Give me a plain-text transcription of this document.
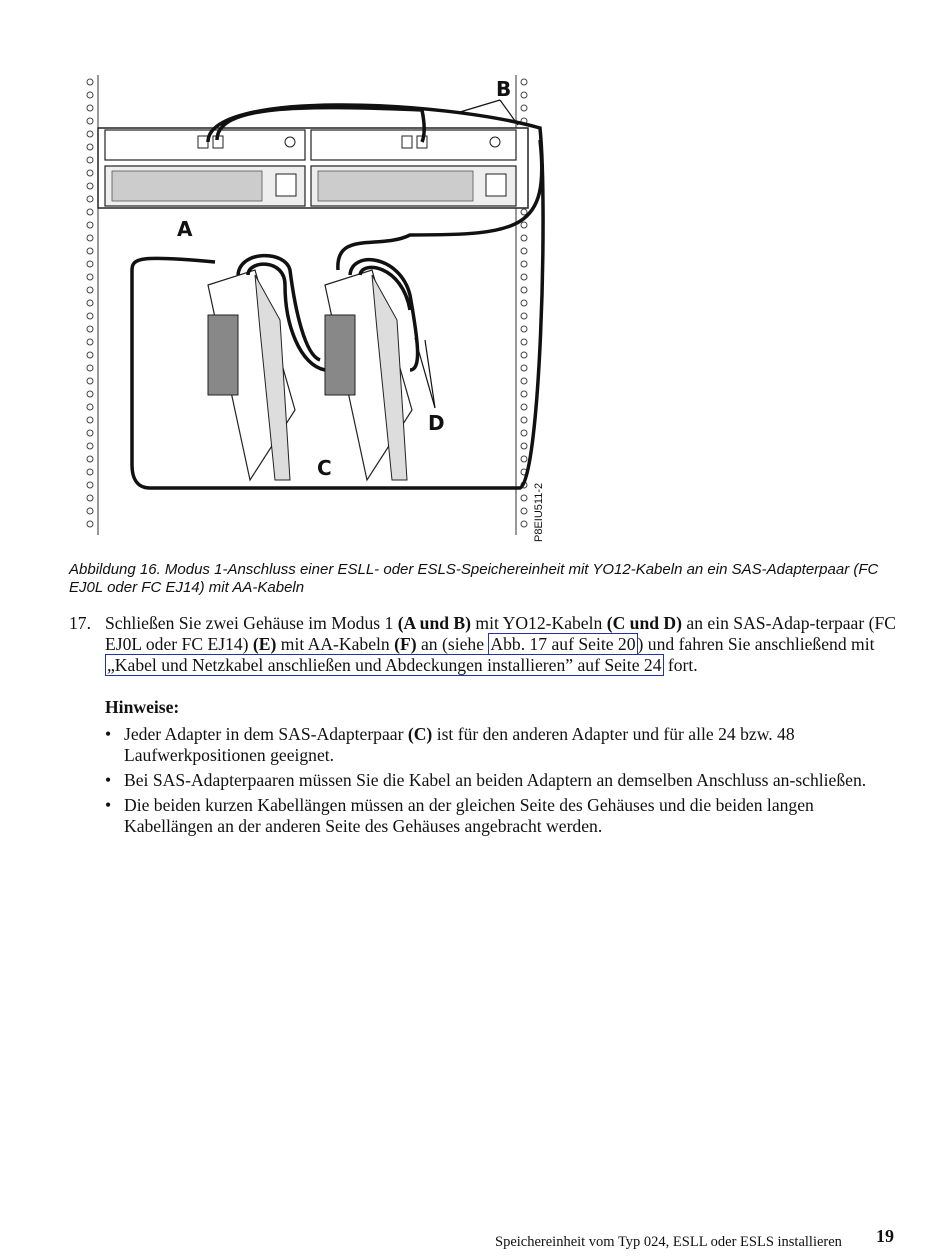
B
A
D
C
P8EIU511-2
Abbildung 16. Modus 1-Anschluss einer ESLL- oder ESLS-Speichereinheit mit YO12-Kabeln an ein SAS-Adapterpaar (FC EJ0L oder FC EJ14) mit AA-Kabeln
17. Schließen Sie zwei Gehäuse im Modus 1 (A und B) mit YO12-Kabeln (C und D) an ein SAS-Adap-terpaar (FC EJ0L oder FC EJ14) (E) mit AA-Kabeln (F) an (siehe Abb. 17 auf Seite 20 ) und fahren Sie anschließend mit „Kabel und Netzkabel anschließen und Abdeckungen installieren” auf Seite 24 fort.
Hinweise:
• Jeder Adapter in dem SAS-Adapterpaar (C) ist für den anderen Adapter und für alle 24 bzw. 48 Laufwerkpositionen geeignet.
• Bei SAS-Adapterpaaren müssen Sie die Kabel an beiden Adaptern an demselben Anschluss an-schließen.
• Die beiden kurzen Kabellängen müssen an der gleichen Seite des Gehäuses und die beiden langen Kabellängen an der anderen Seite des Gehäuses angebracht werden.
Speichereinheit vom Typ 024, ESLL oder ESLS installieren 19
